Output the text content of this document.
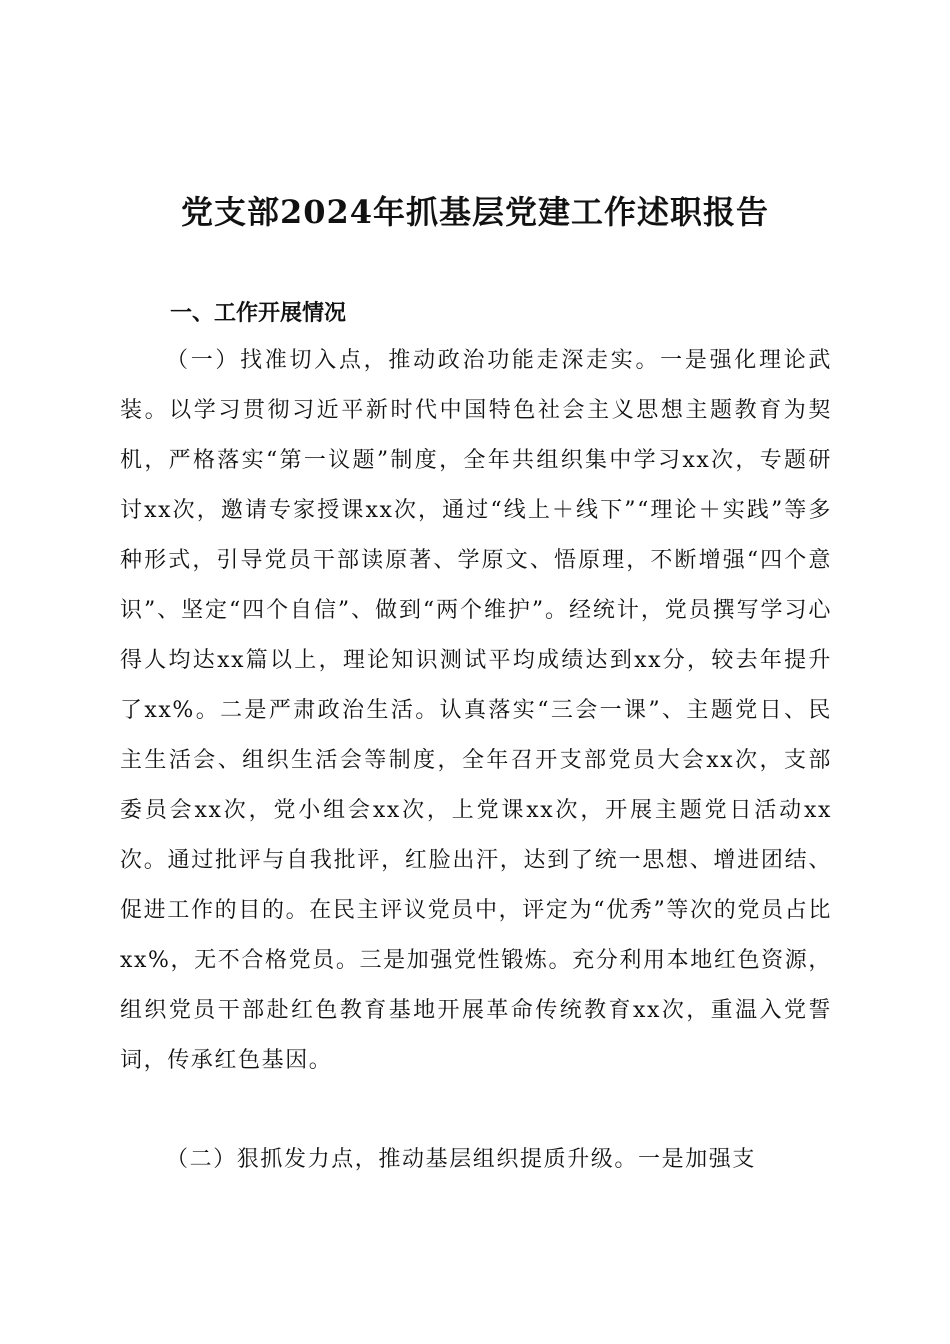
党支部2024年抓基层党建工作述职报告
一、工作开展情况

（一）找准切入点，推动政治功能走深走实。一是强化理论武装。以学习贯彻习近平新时代中国特色社会主义思想主题教育为契机，严格落实“第一议题”制度，全年共组织集中学习xx次，专题研讨xx次，邀请专家授课xx次，通过“线上＋线下”“理论＋实践”等多种形式，引导党员干部读原著、学原文、悟原理，不断增强“四个意识”、坚定“四个自信”、做到“两个维护”。经统计，党员撰写学习心得人均达xx篇以上，理论知识测试平均成绩达到xx分，较去年提升了xx%。二是严肃政治生活。认真落实“三会一课”、主题党日、民主生活会、组织生活会等制度，全年召开支部党员大会xx次，支部委员会xx次，党小组会xx次，上党课xx次，开展主题党日活动xx次。通过批评与自我批评，红脸出汗，达到了统一思想、增进团结、促进工作的目的。在民主评议党员中，评定为“优秀”等次的党员占比xx%，无不合格党员。三是加强党性锻炼。充分利用本地红色资源，组织党员干部赴红色教育基地开展革命传统教育xx次，重温入党誓词，传承红色基因。

（二）狠抓发力点，推动基层组织提质升级。一是加强支
